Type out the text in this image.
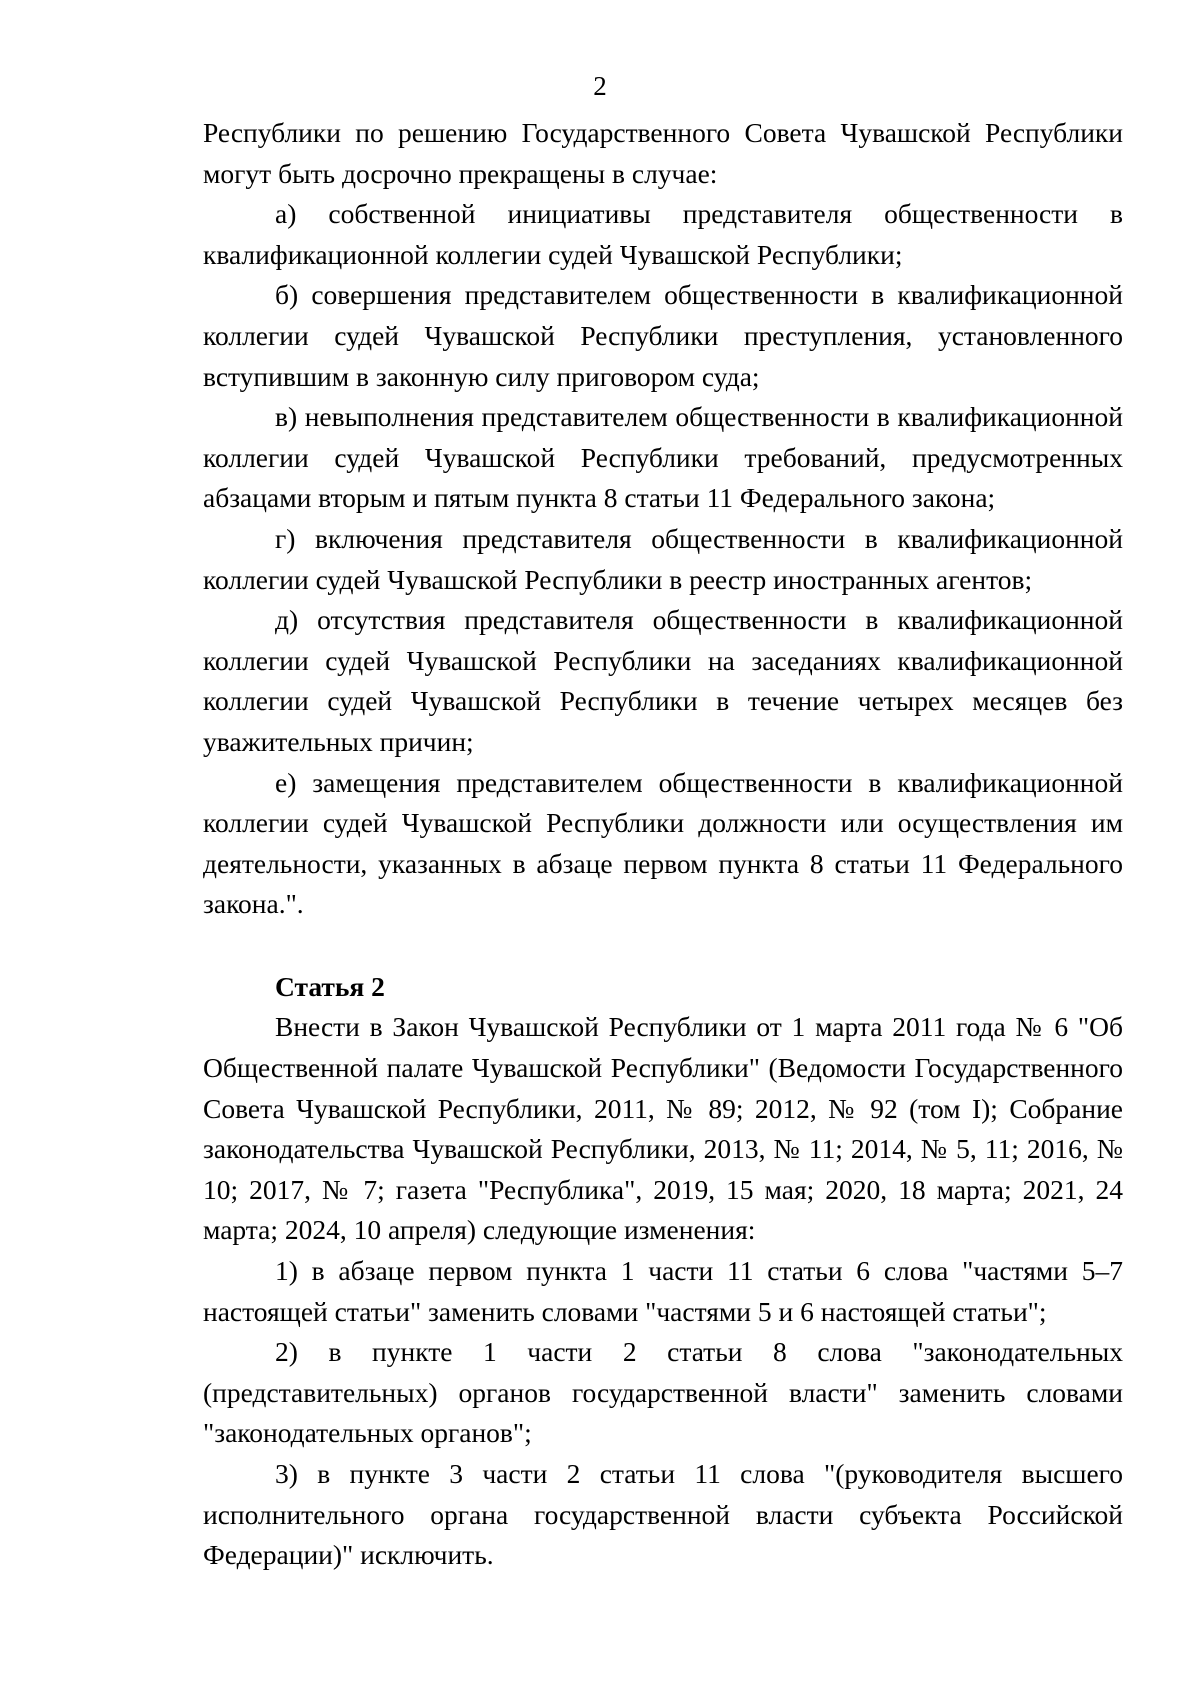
2

Республики по решению Государственного Совета Чувашской Республики могут быть досрочно прекращены в случае:

а) собственной инициативы представителя общественности в квалификационной коллегии судей Чувашской Республики;

б) совершения представителем общественности в квалификационной коллегии судей Чувашской Республики преступления, установленного вступившим в законную силу приговором суда;

в) невыполнения представителем общественности в квалификационной коллегии судей Чувашской Республики требований, предусмотренных абзацами вторым и пятым пункта 8 статьи 11 Федерального закона;

г) включения представителя общественности в квалификационной коллегии судей Чувашской Республики в реестр иностранных агентов;

д) отсутствия представителя общественности в квалификационной коллегии судей Чувашской Республики на заседаниях квалификационной коллегии судей Чувашской Республики в течение четырех месяцев без уважительных причин;

е) замещения представителем общественности в квалификационной коллегии судей Чувашской Республики должности или осуществления им деятельности, указанных в абзаце первом пункта 8 статьи 11 Федерального закона.".

Статья 2

Внести в Закон Чувашской Республики от 1 марта 2011 года № 6 "Об Общественной палате Чувашской Республики" (Ведомости Государственного Совета Чувашской Республики, 2011, № 89; 2012, № 92 (том I); Собрание законодательства Чувашской Республики, 2013, № 11; 2014, № 5, 11; 2016, № 10; 2017, № 7; газета "Республика", 2019, 15 мая; 2020, 18 марта; 2021, 24 марта; 2024, 10 апреля) следующие изменения:

1) в абзаце первом пункта 1 части 11 статьи 6 слова "частями 5–7 настоящей статьи" заменить словами "частями 5 и 6 настоящей статьи";

2) в пункте 1 части 2 статьи 8 слова "законодательных (представительных) органов государственной власти" заменить словами "законодательных органов";

3) в пункте 3 части 2 статьи 11 слова "(руководителя высшего исполнительного органа государственной власти субъекта Российской Федерации)" исключить.
